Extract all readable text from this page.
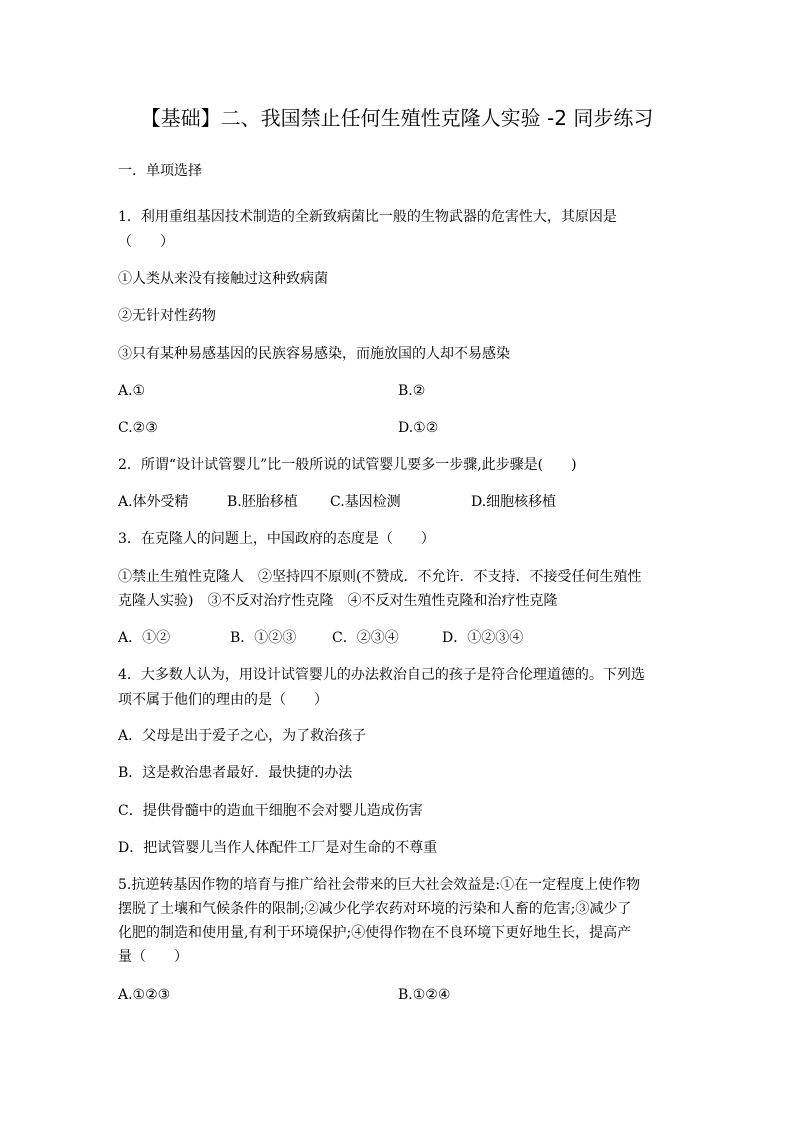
【基础】二、我国禁止任何生殖性克隆人实验 -2 同步练习
一．单项选择
1．利用重组基因技术制造的全新致病菌比一般的生物武器的危害性大，其原因是
（　　）
①人类从来没有接触过这种致病菌
②无针对性药物
③只有某种易感基因的民族容易感染，而施放国的人却不易感染
A.①	B.②
C.②③	D.①②
2．所谓“设计试管婴儿”比一般所说的试管婴儿要多一步骤,此步骤是(　　)
A.体外受精	B.胚胎移植	C.基因检测	D.细胞核移植
3．在克隆人的问题上，中国政府的态度是（　　）
①禁止生殖性克隆人　②坚持四不原则(不赞成．不允许．不支持．不接受任何生殖性
克隆人实验)　③不反对治疗性克隆　④不反对生殖性克隆和治疗性克隆
A．①②	B．①②③	C．②③④	D．①②③④
4．大多数人认为，用设计试管婴儿的办法救治自己的孩子是符合伦理道德的。下列选
项不属于他们的理由的是（　　）
A．父母是出于爱子之心，为了救治孩子
B．这是救治患者最好．最快捷的办法
C．提供骨髓中的造血干细胞不会对婴儿造成伤害
D．把试管婴儿当作人体配件工厂是对生命的不尊重
5.抗逆转基因作物的培育与推广给社会带来的巨大社会效益是:①在一定程度上使作物
摆脱了土壤和气候条件的限制;②减少化学农药对环境的污染和人畜的危害;③减少了
化肥的制造和使用量,有利于环境保护;④使得作物在不良环境下更好地生长，提高产
量（　　）
A.①②③	B.①②④
